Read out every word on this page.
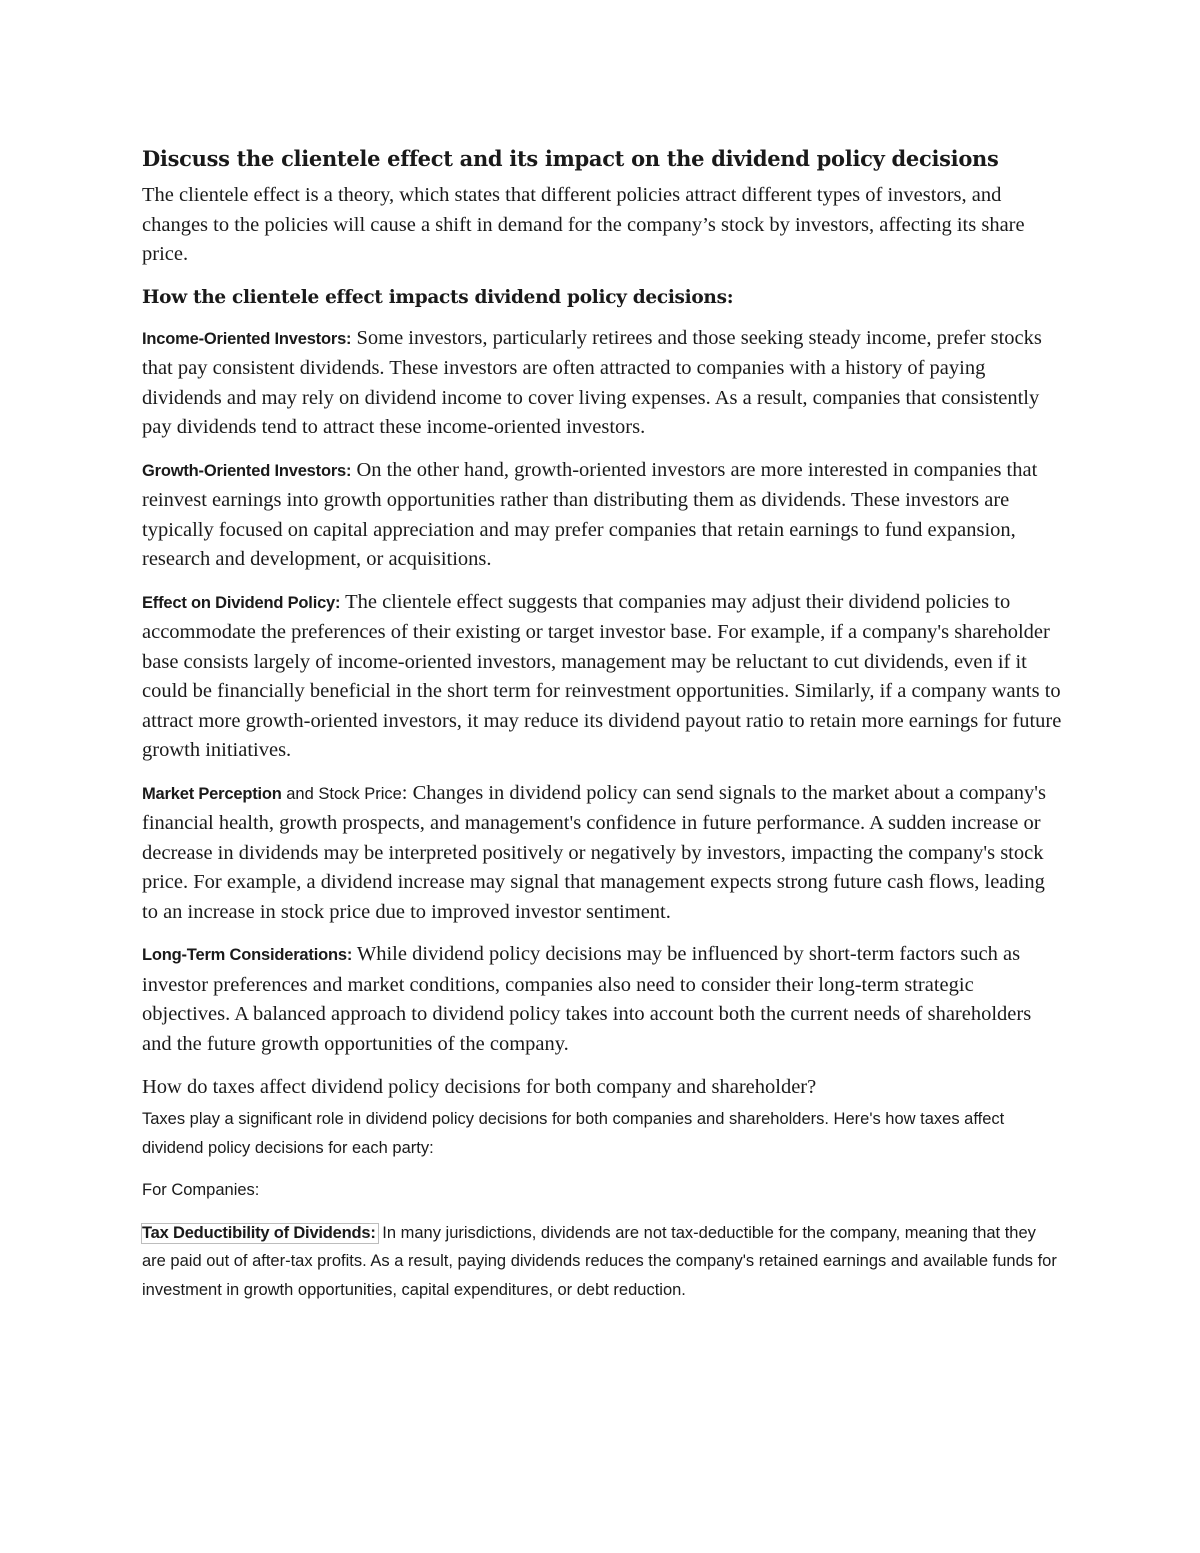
Discuss the clientele effect and its impact on the dividend policy decisions

The clientele effect is a theory, which states that different policies attract different types of investors, and changes to the policies will cause a shift in demand for the company’s stock by investors, affecting its share price.

How the clientele effect impacts dividend policy decisions:

Income-Oriented Investors: Some investors, particularly retirees and those seeking steady income, prefer stocks that pay consistent dividends. These investors are often attracted to companies with a history of paying dividends and may rely on dividend income to cover living expenses. As a result, companies that consistently pay dividends tend to attract these income-oriented investors.

Growth-Oriented Investors: On the other hand, growth-oriented investors are more interested in companies that reinvest earnings into growth opportunities rather than distributing them as dividends. These investors are typically focused on capital appreciation and may prefer companies that retain earnings to fund expansion, research and development, or acquisitions.

Effect on Dividend Policy: The clientele effect suggests that companies may adjust their dividend policies to accommodate the preferences of their existing or target investor base. For example, if a company's shareholder base consists largely of income-oriented investors, management may be reluctant to cut dividends, even if it could be financially beneficial in the short term for reinvestment opportunities. Similarly, if a company wants to attract more growth-oriented investors, it may reduce its dividend payout ratio to retain more earnings for future growth initiatives.

Market Perception and Stock Price: Changes in dividend policy can send signals to the market about a company's financial health, growth prospects, and management's confidence in future performance. A sudden increase or decrease in dividends may be interpreted positively or negatively by investors, impacting the company's stock price. For example, a dividend increase may signal that management expects strong future cash flows, leading to an increase in stock price due to improved investor sentiment.

Long-Term Considerations: While dividend policy decisions may be influenced by short-term factors such as investor preferences and market conditions, companies also need to consider their long-term strategic objectives. A balanced approach to dividend policy takes into account both the current needs of shareholders and the future growth opportunities of the company.

How do taxes affect dividend policy decisions for both company and shareholder?

Taxes play a significant role in dividend policy decisions for both companies and shareholders. Here's how taxes affect dividend policy decisions for each party:

For Companies:

Tax Deductibility of Dividends: In many jurisdictions, dividends are not tax-deductible for the company, meaning that they are paid out of after-tax profits. As a result, paying dividends reduces the company's retained earnings and available funds for investment in growth opportunities, capital expenditures, or debt reduction.
